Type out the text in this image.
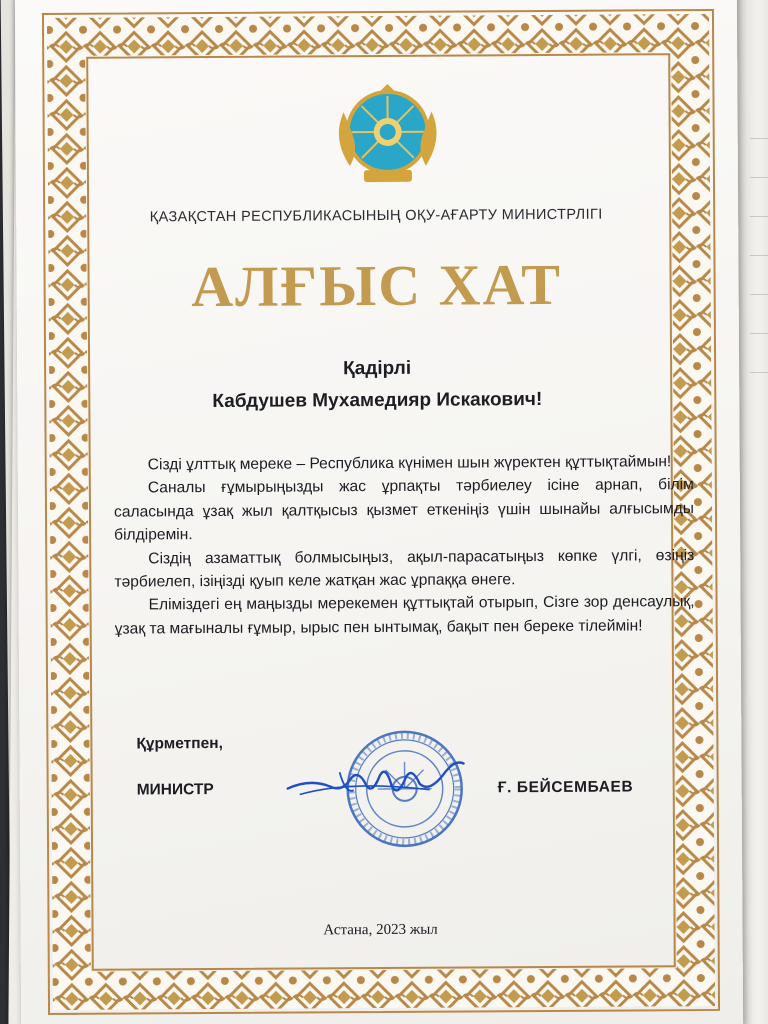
ҚАЗАҚСТАН РЕСПУБЛИКАСЫНЫҢ ОҚУ-АҒАРТУ МИНИСТРЛІГІ
АЛҒЫС ХАТ
Қадірлі
Кабдушев Мухамедияр Искакович!

Сізді ұлттық мереке – Республика күнімен шын жүректен құттықтаймын!

Саналы ғұмырыңызды жас ұрпақты тәрбиелеу ісіне арнап, білім саласында ұзақ жыл қалтқысыз қызмет еткеніңіз үшін шынайы алғысымды білдіремін.

Сіздің азаматтық болмысыңыз, ақыл-парасатыңыз көпке үлгі, өзіңіз тәрбиелеп, ізіңізді қуып келе жатқан жас ұрпаққа өнеге.

Еліміздегі ең маңызды мерекемен құттықтай отырып, Сізге зор денсаулық, ұзақ та мағыналы ғұмыр, ырыс пен ынтымақ, бақыт пен береке тілеймін!

Құрметпен,
МИНИСТР	Ғ. БЕЙСЕМБАЕВ
Астана, 2023 жыл
